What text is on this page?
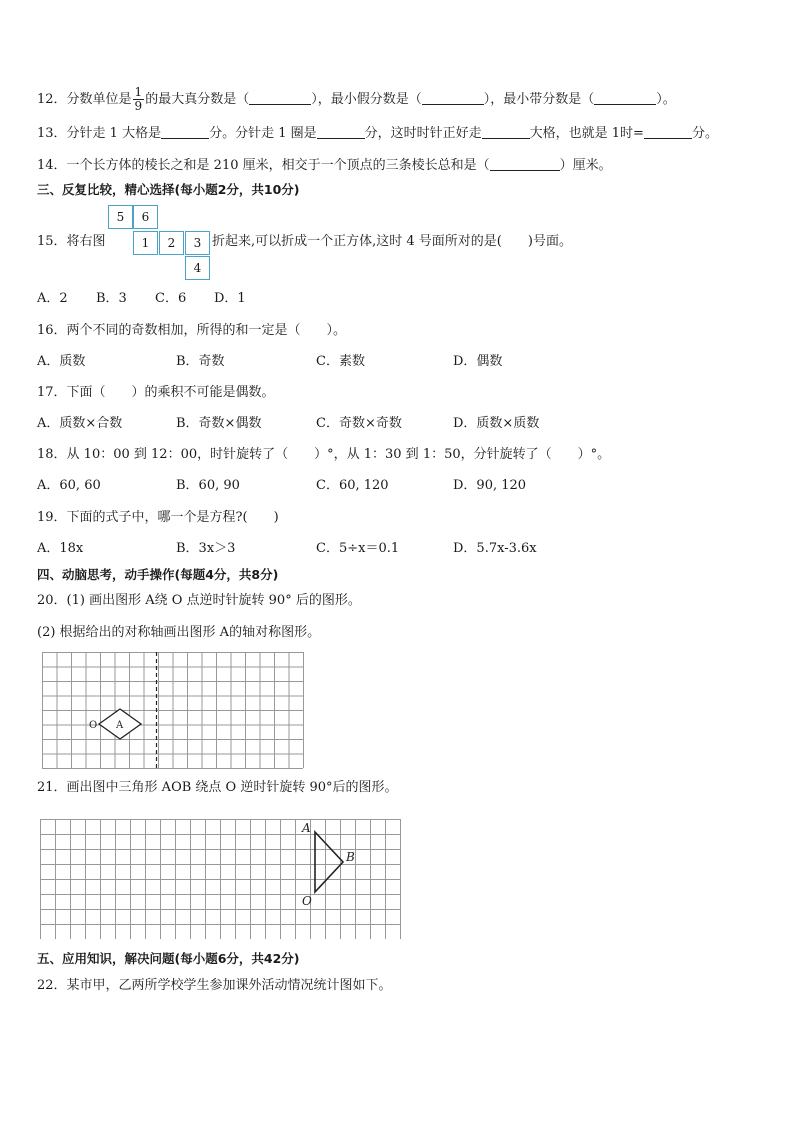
12．分数单位是 $\frac{1}{9}$ 的最大真分数是（	），最小假分数是（	），最小带分数是（	）。
13．分针走 1 大格是	分。分针走 1 圈是	分，这时时针正好走	大格，也就是 1时=	分。
14．一个长方体的棱长之和是 210 厘米，相交于一个顶点的三条棱长总和是（	）厘米。
三、反复比较，精心选择(每小题2分，共10分)
15．将右图
5	6
1	2	3
4
折起来,可以折成一个正方体,这时 4 号面所对的是(　　)号面。
A．2 B．3 C．6 D．1
16．两个不同的奇数相加，所得的和一定是（　　）。
A．质数	B．奇数	C．素数	D．偶数
17．下面（　　）的乘积不可能是偶数。
A．质数×合数	B．奇数×偶数	C．奇数×奇数	D．质数×质数
18．从 10：00 到 12：00，时针旋转了（　　）°，从 1：30 到 1：50，分针旋转了（　　）°。
A．60, 60	B．60, 90	C．60, 120	D．90, 120
19．下面的式子中，哪一个是方程?(　　)
A．18x	B．3x＞3	C．5÷x＝0.1	D．5.7x-3.6x
四、动脑思考，动手操作(每题4分，共8分)
20．(1) 画出图形 A绕 O 点逆时针旋转 90° 后的图形。
(2) 根据给出的对称轴画出图形 A的轴对称图形。
O A
21．画出图中三角形 AOB 绕点 O 逆时针旋转 90°后的图形。
A
B
O
五、应用知识，解决问题(每小题6分，共42分)
22．某市甲，乙两所学校学生参加课外活动情况统计图如下。
